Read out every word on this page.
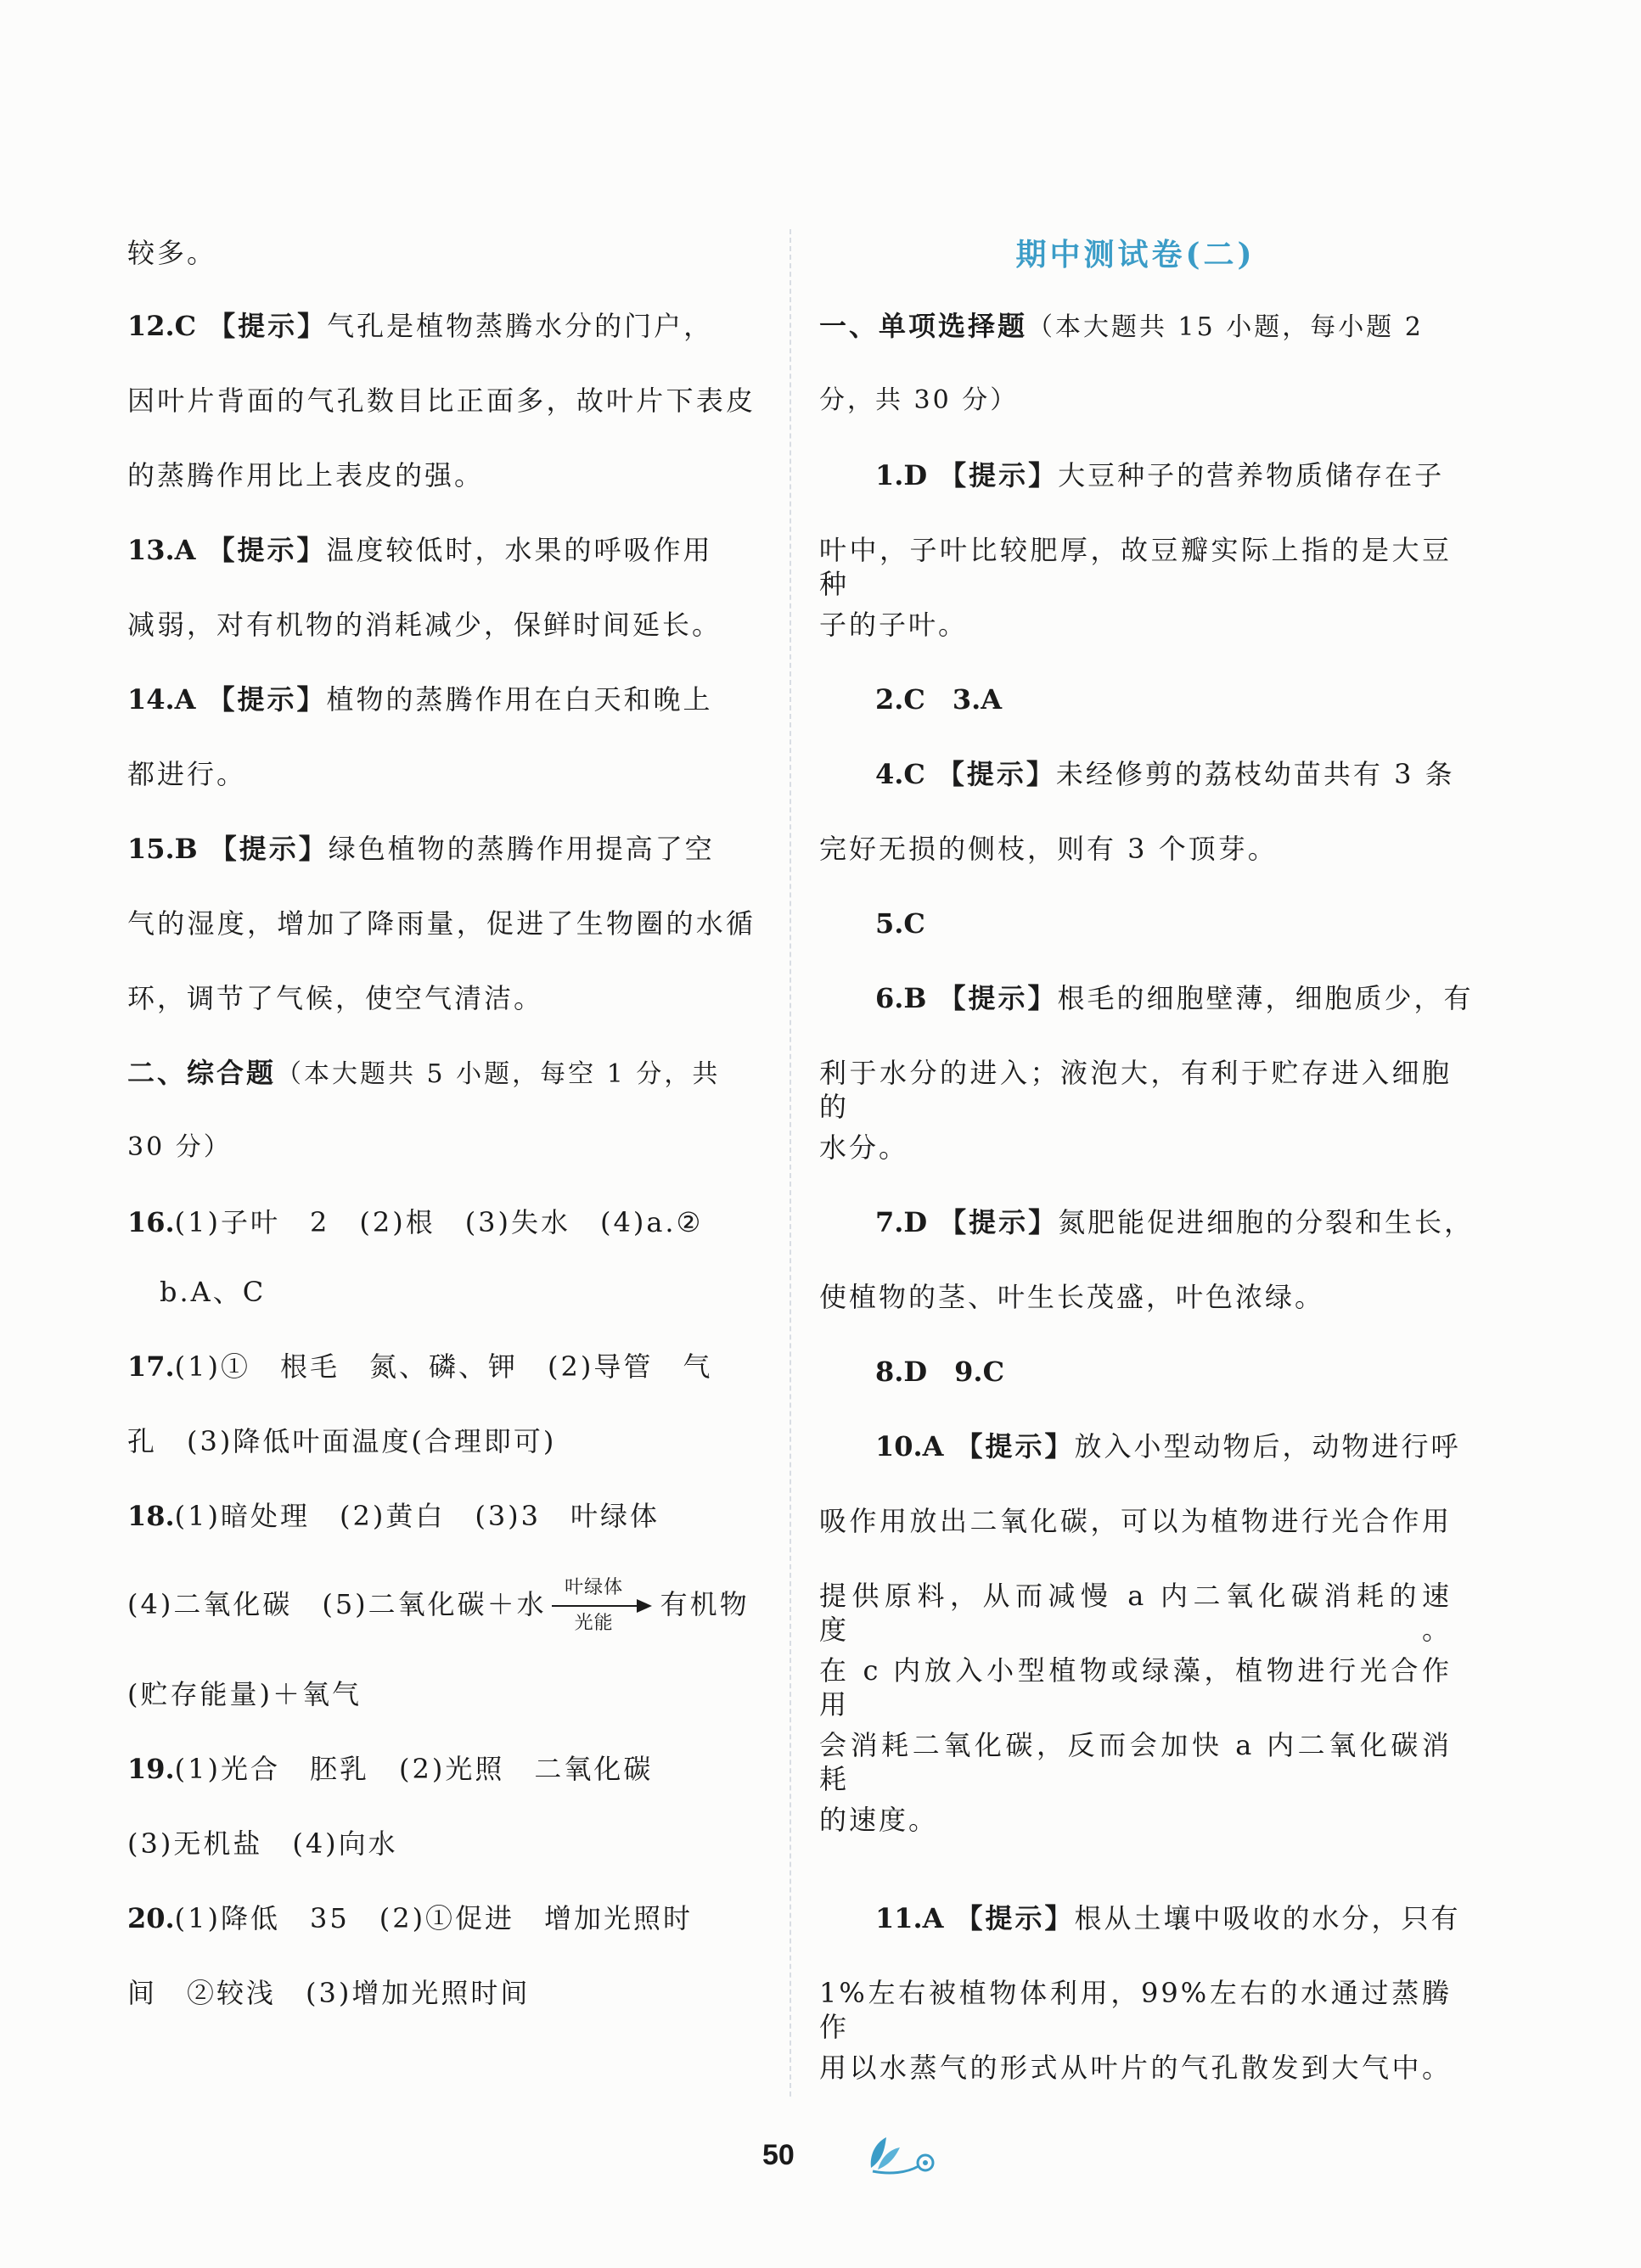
较多。
12.C 【提示】气孔是植物蒸腾水分的门户，
因叶片背面的气孔数目比正面多，故叶片下表皮
的蒸腾作用比上表皮的强。
13.A 【提示】温度较低时，水果的呼吸作用
减弱，对有机物的消耗减少，保鲜时间延长。
14.A 【提示】植物的蒸腾作用在白天和晚上
都进行。
15.B 【提示】绿色植物的蒸腾作用提高了空
气的湿度，增加了降雨量，促进了生物圈的水循
环，调节了气候，使空气清洁。
二、综合题（本大题共 5 小题，每空 1 分，共
30 分）
16.(1)子叶　2　(2)根　(3)失水　(4)a.②
b.A、C
17.(1)①　根毛　氮、磷、钾　(2)导管　气
孔　(3)降低叶面温度(合理即可)
18.(1)暗处理　(2)黄白　(3)3　叶绿体
(4)二氧化碳　(5)二氧化碳＋水 $\frac{\text{叶绿体}}{\text{光能}}$ 有机物
(贮存能量)＋氧气
19.(1)光合　胚乳　(2)光照　二氧化碳
(3)无机盐　(4)向水
20.(1)降低　35　(2)①促进　增加光照时
间　②较浅　(3)增加光照时间
期中测试卷(二)
一、单项选择题（本大题共 15 小题，每小题 2
分，共 30 分）
1.D 【提示】大豆种子的营养物质储存在子
叶中，子叶比较肥厚，故豆瓣实际上指的是大豆种
子的子叶。
2.C 3.A
4.C 【提示】未经修剪的荔枝幼苗共有 3 条
完好无损的侧枝，则有 3 个顶芽。
5.C
6.B 【提示】根毛的细胞壁薄，细胞质少，有
利于水分的进入；液泡大，有利于贮存进入细胞的
水分。
7.D 【提示】氮肥能促进细胞的分裂和生长，
使植物的茎、叶生长茂盛，叶色浓绿。
8.D 9.C
10.A 【提示】放入小型动物后，动物进行呼
吸作用放出二氧化碳，可以为植物进行光合作用
提供原料，从而减慢 a 内二氧化碳消耗的速度。
在 c 内放入小型植物或绿藻，植物进行光合作用
会消耗二氧化碳，反而会加快 a 内二氧化碳消耗
的速度。
11.A 【提示】根从土壤中吸收的水分，只有
1%左右被植物体利用，99%左右的水通过蒸腾作
用以水蒸气的形式从叶片的气孔散发到大气中。
50
